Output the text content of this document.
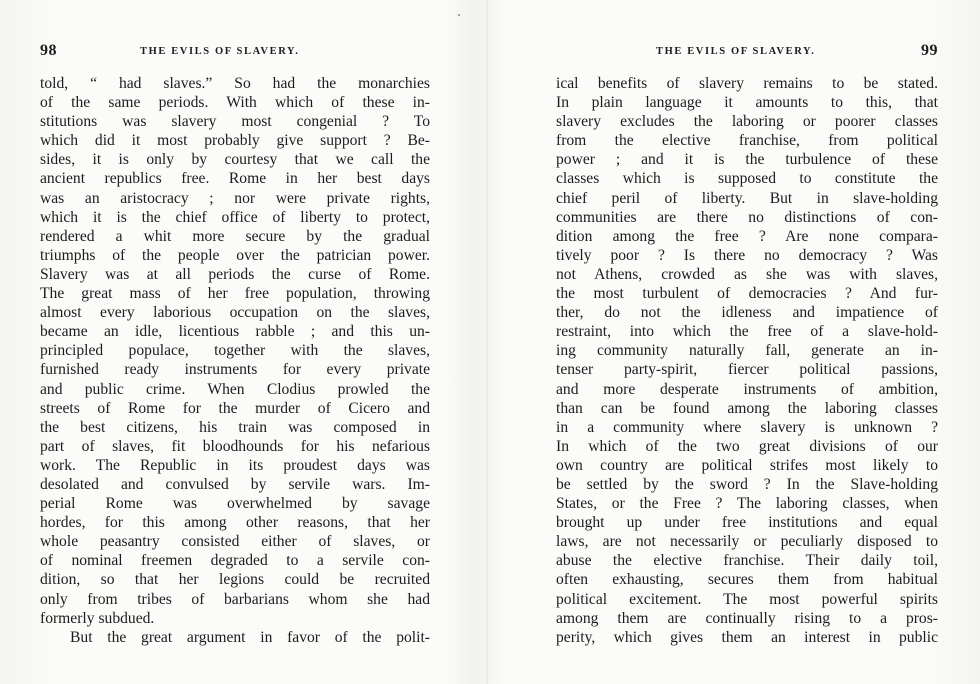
98	THE EVILS OF SLAVERY.
told, “ had slaves.” So had the monarchies
of the same periods. With which of these in-
stitutions was slavery most congenial ? To
which did it most probably give support ? Be-
sides, it is only by courtesy that we call the
ancient republics free. Rome in her best days
was an aristocracy ; nor were private rights,
which it is the chief office of liberty to protect,
rendered a whit more secure by the gradual
triumphs of the people over the patrician power.
Slavery was at all periods the curse of Rome.
The great mass of her free population, throwing
almost every laborious occupation on the slaves,
became an idle, licentious rabble ; and this un-
principled populace, together with the slaves,
furnished ready instruments for every private
and public crime. When Clodius prowled the
streets of Rome for the murder of Cicero and
the best citizens, his train was composed in
part of slaves, fit bloodhounds for his nefarious
work. The Republic in its proudest days was
desolated and convulsed by servile wars. Im-
perial Rome was overwhelmed by savage
hordes, for this among other reasons, that her
whole peasantry consisted either of slaves, or
of nominal freemen degraded to a servile con-
dition, so that her legions could be recruited
only from tribes of barbarians whom she had
formerly subdued.
But the great argument in favor of the polit-
THE EVILS OF SLAVERY.	99
ical benefits of slavery remains to be stated.
In plain language it amounts to this, that
slavery excludes the laboring or poorer classes
from the elective franchise, from political
power ; and it is the turbulence of these
classes which is supposed to constitute the
chief peril of liberty. But in slave-holding
communities are there no distinctions of con-
dition among the free ? Are none compara-
tively poor ? Is there no democracy ? Was
not Athens, crowded as she was with slaves,
the most turbulent of democracies ? And fur-
ther, do not the idleness and impatience of
restraint, into which the free of a slave-hold-
ing community naturally fall, generate an in-
tenser party-spirit, fiercer political passions,
and more desperate instruments of ambition,
than can be found among the laboring classes
in a community where slavery is unknown ?
In which of the two great divisions of our
own country are political strifes most likely to
be settled by the sword ? In the Slave-holding
States, or the Free ? The laboring classes, when
brought up under free institutions and equal
laws, are not necessarily or peculiarly disposed to
abuse the elective franchise. Their daily toil,
often exhausting, secures them from habitual
political excitement. The most powerful spirits
among them are continually rising to a pros-
perity, which gives them an interest in public
